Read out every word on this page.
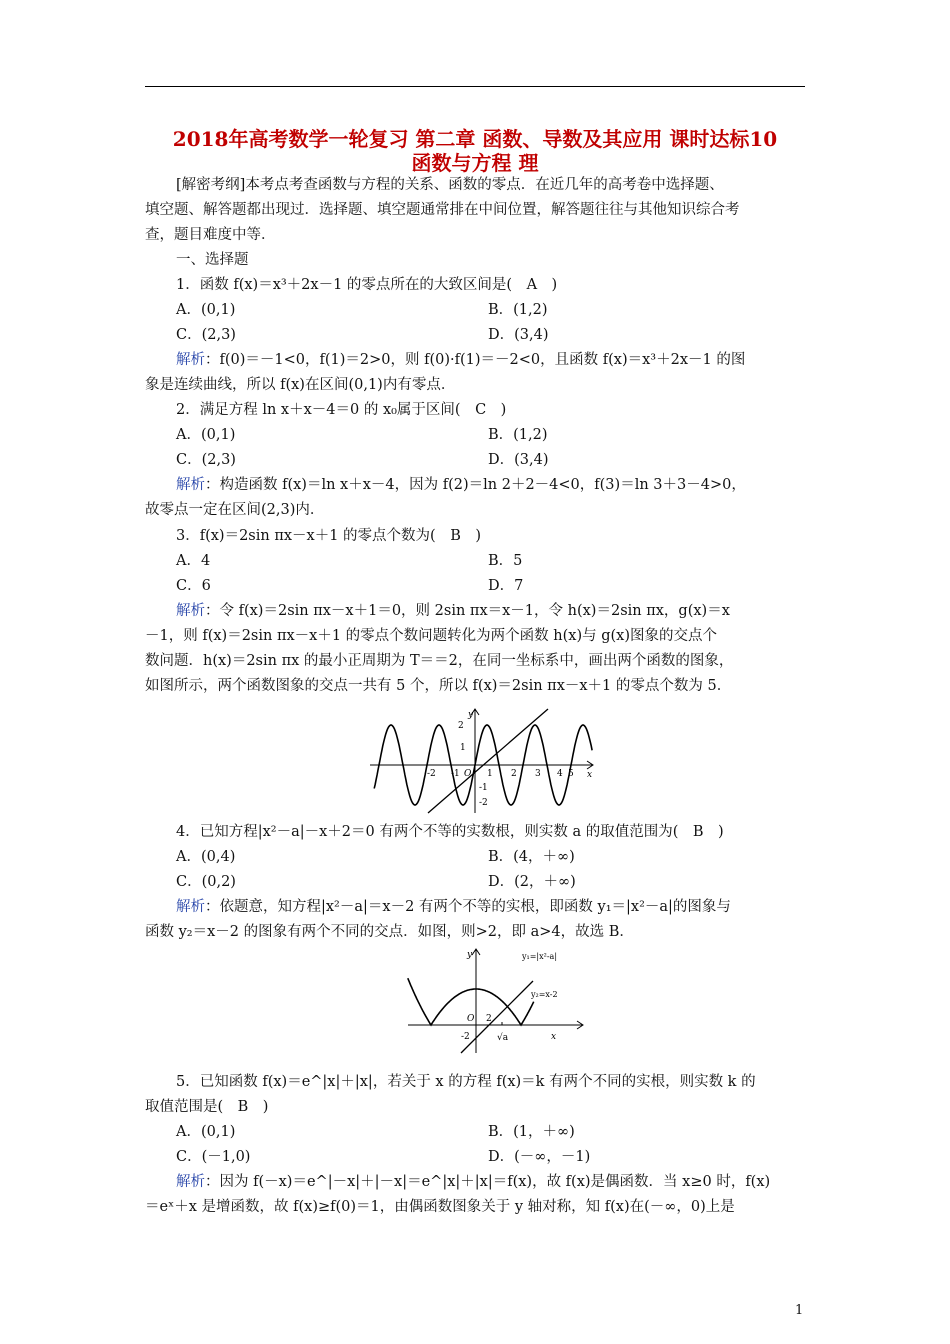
2018年高考数学一轮复习 第二章 函数、导数及其应用 课时达标10
函数与方程 理
[解密考纲]本考点考查函数与方程的关系、函数的零点．在近几年的高考卷中选择题、
填空题、解答题都出现过．选择题、填空题通常排在中间位置，解答题往往与其他知识综合考
查，题目难度中等．
一、选择题
1．函数 f(x)＝x³＋2x－1 的零点所在的大致区间是(　A　)
A．(0,1)	B．(1,2)
C．(2,3)	D．(3,4)
解析：f(0)＝－1<0，f(1)＝2>0，则 f(0)·f(1)＝－2<0，且函数 f(x)＝x³＋2x－1 的图
象是连续曲线，所以 f(x)在区间(0,1)内有零点．
2．满足方程 ln x＋x－4＝0 的 x₀属于区间(　C　)
A．(0,1)	B．(1,2)
C．(2,3)	D．(3,4)
解析：构造函数 f(x)＝ln x＋x－4，因为 f(2)＝ln 2＋2－4<0，f(3)＝ln 3＋3－4>0，
故零点一定在区间(2,3)内．
3．f(x)＝2sin πx－x＋1 的零点个数为(　B　)
A．4	B．5
C．6	D．7
解析：令 f(x)＝2sin πx－x＋1＝0，则 2sin πx＝x－1，令 h(x)＝2sin πx，g(x)＝x
－1，则 f(x)＝2sin πx－x＋1 的零点个数问题转化为两个函数 h(x)与 g(x)图象的交点个
数问题．h(x)＝2sin πx 的最小正周期为 T＝＝2，在同一坐标系中，画出两个函数的图象，
如图所示，两个函数图象的交点一共有 5 个，所以 f(x)＝2sin πx－x＋1 的零点个数为 5．
y
x
O
2
1
-1
-2
-2 -1	1 2 3 4 5
4．已知方程|x²－a|－x＋2＝0 有两个不等的实数根，则实数 a 的取值范围为(　B　)
A．(0,4)	B．(4，＋∞)
C．(0,2)	D．(2，＋∞)
解析：依题意，知方程|x²－a|＝x－2 有两个不等的实根，即函数 y₁＝|x²－a|的图象与
函数 y₂＝x－2 的图象有两个不同的交点．如图，则>2，即 a>4，故选 B．
y
x
O 2
-2	√a
y₁=|x²-a|
y₂=x-2
5．已知函数 f(x)＝e^|x|＋|x|，若关于 x 的方程 f(x)＝k 有两个不同的实根，则实数 k 的
取值范围是(　B　)
A．(0,1)	B．(1，＋∞)
C．(－1,0)	D．(－∞，－1)
解析：因为 f(－x)＝e^|－x|＋|－x|＝e^|x|＋|x|＝f(x)，故 f(x)是偶函数．当 x≥0 时，f(x)
＝eˣ＋x 是增函数，故 f(x)≥f(0)＝1，由偶函数图象关于 y 轴对称，知 f(x)在(－∞，0)上是
1
